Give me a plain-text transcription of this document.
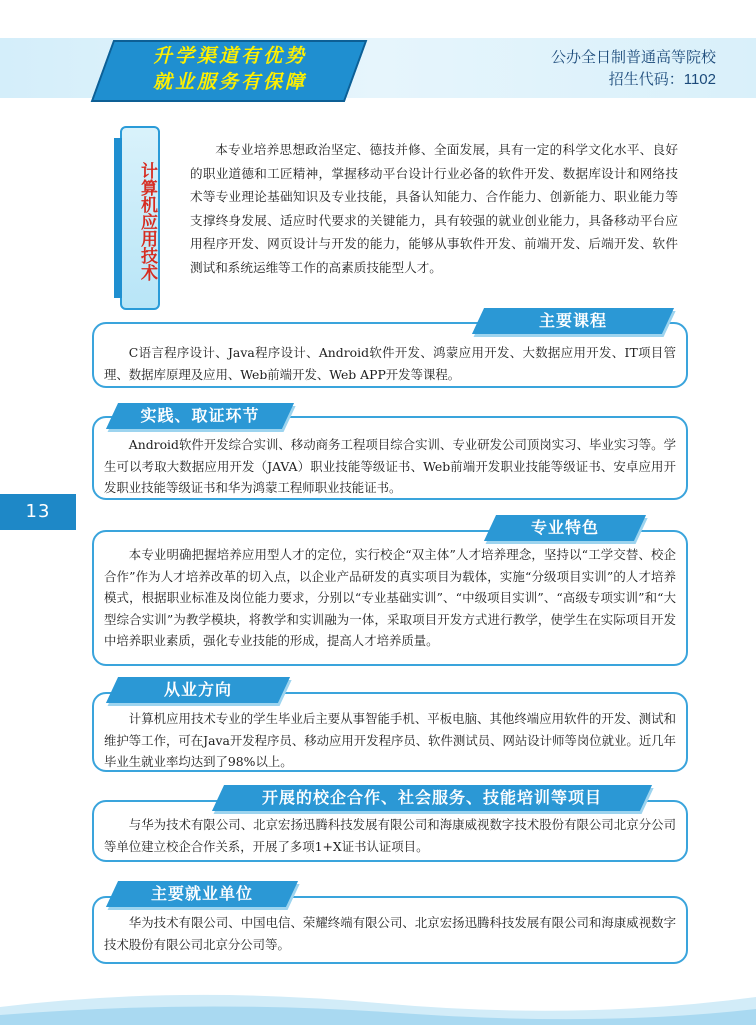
升学渠道有优势
就业服务有保障
公办全日制普通高等院校
招生代码：1102
13
计算机应用技术

本专业培养思想政治坚定、德技并修、全面发展，具有一定的科学文化水平、良好的职业道德和工匠精神，掌握移动平台设计行业必备的软件开发、数据库设计和网络技术等专业理论基础知识及专业技能，具备认知能力、合作能力、创新能力、职业能力等支撑终身发展、适应时代要求的关键能力，具有较强的就业创业能力，具备移动平台应用程序开发、网页设计与开发的能力，能够从事软件开发、前端开发、后端开发、软件测试和系统运维等工作的高素质技能型人才。

C语言程序设计、Java程序设计、Android软件开发、鸿蒙应用开发、大数据应用开发、IT项目管理、数据库原理及应用、Web前端开发、Web APP开发等课程。

主要课程

Android软件开发综合实训、移动商务工程项目综合实训、专业研发公司顶岗实习、毕业实习等。学生可以考取大数据应用开发（JAVA）职业技能等级证书、Web前端开发职业技能等级证书、安卓应用开发职业技能等级证书和华为鸿蒙工程师职业技能证书。

实践、取证环节

本专业明确把握培养应用型人才的定位，实行校企“双主体”人才培养理念，坚持以“工学交替、校企合作”作为人才培养改革的切入点，以企业产品研发的真实项目为载体，实施“分级项目实训”的人才培养模式，根据职业标准及岗位能力要求，分别以“专业基础实训”、“中级项目实训”、“高级专项实训”和“大型综合实训”为教学模块，将教学和实训融为一体，采取项目开发方式进行教学，使学生在实际项目开发中培养职业素质，强化专业技能的形成，提高人才培养质量。

专业特色

计算机应用技术专业的学生毕业后主要从事智能手机、平板电脑、其他终端应用软件的开发、测试和维护等工作，可在Java开发程序员、移动应用开发程序员、软件测试员、网站设计师等岗位就业。近几年毕业生就业率均达到了98%以上。

从业方向

与华为技术有限公司、北京宏扬迅腾科技发展有限公司和海康威视数字技术股份有限公司北京分公司等单位建立校企合作关系，开展了多项1+X证书认证项目。

开展的校企合作、社会服务、技能培训等项目

华为技术有限公司、中国电信、荣耀终端有限公司、北京宏扬迅腾科技发展有限公司和海康威视数字技术股份有限公司北京分公司等。

主要就业单位
